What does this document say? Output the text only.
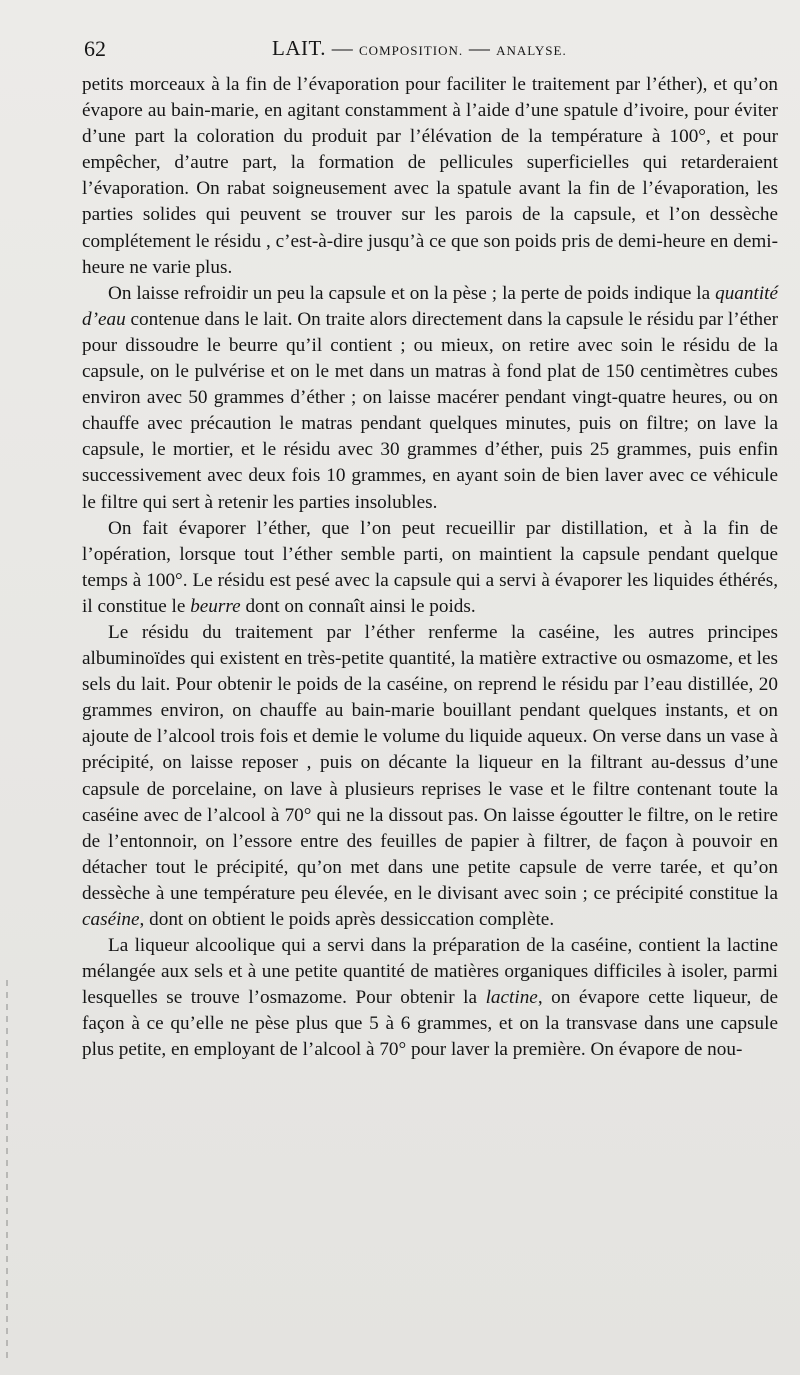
62	LAIT. — COMPOSITION. — ANALYSE.

petits morceaux à la fin de l’évaporation pour faciliter le traitement par l’éther), et qu’on évapore au bain-marie, en agitant constamment à l’aide d’une spatule d’ivoire, pour éviter d’une part la coloration du produit par l’élévation de la température à 100°, et pour empêcher, d’autre part, la formation de pellicules superficielles qui retarderaient l’évaporation. On rabat soigneusement avec la spatule avant la fin de l’évaporation, les parties solides qui peuvent se trouver sur les parois de la capsule, et l’on dessèche complétement le résidu , c’est-à-dire jusqu’à ce que son poids pris de demi-heure en demi-heure ne varie plus.

On laisse refroidir un peu la capsule et on la pèse ; la perte de poids indique la quantité d’eau contenue dans le lait. On traite alors directement dans la capsule le résidu par l’éther pour dissoudre le beurre qu’il contient ; ou mieux, on retire avec soin le résidu de la capsule, on le pulvérise et on le met dans un matras à fond plat de 150 centimètres cubes environ avec 50 grammes d’éther ; on laisse macérer pendant vingt-quatre heures, ou on chauffe avec précaution le matras pendant quelques minutes, puis on filtre; on lave la capsule, le mortier, et le résidu avec 30 grammes d’éther, puis 25 grammes, puis enfin successivement avec deux fois 10 grammes, en ayant soin de bien laver avec ce véhicule le filtre qui sert à retenir les parties insolubles.

On fait évaporer l’éther, que l’on peut recueillir par distillation, et à la fin de l’opération, lorsque tout l’éther semble parti, on maintient la capsule pendant quelque temps à 100°. Le résidu est pesé avec la capsule qui a servi à évaporer les liquides éthérés, il constitue le beurre dont on connaît ainsi le poids.

Le résidu du traitement par l’éther renferme la caséine, les autres principes albuminoïdes qui existent en très-petite quantité, la matière extractive ou osmazome, et les sels du lait. Pour obtenir le poids de la caséine, on reprend le résidu par l’eau distillée, 20 grammes environ, on chauffe au bain-marie bouillant pendant quelques instants, et on ajoute de l’alcool trois fois et demie le volume du liquide aqueux. On verse dans un vase à précipité, on laisse reposer , puis on décante la liqueur en la filtrant au-dessus d’une capsule de porcelaine, on lave à plusieurs reprises le vase et le filtre contenant toute la caséine avec de l’alcool à 70° qui ne la dissout pas. On laisse égoutter le filtre, on le retire de l’entonnoir, on l’essore entre des feuilles de papier à filtrer, de façon à pouvoir en détacher tout le précipité, qu’on met dans une petite capsule de verre tarée, et qu’on dessèche à une température peu élevée, en le divisant avec soin ; ce précipité constitue la caséine, dont on obtient le poids après dessiccation complète.

La liqueur alcoolique qui a servi dans la préparation de la caséine, contient la lactine mélangée aux sels et à une petite quantité de matières organiques difficiles à isoler, parmi lesquelles se trouve l’osmazome. Pour obtenir la lactine, on évapore cette liqueur, de façon à ce qu’elle ne pèse plus que 5 à 6 grammes, et on la transvase dans une capsule plus petite, en employant de l’alcool à 70° pour laver la première. On évapore de nou-
